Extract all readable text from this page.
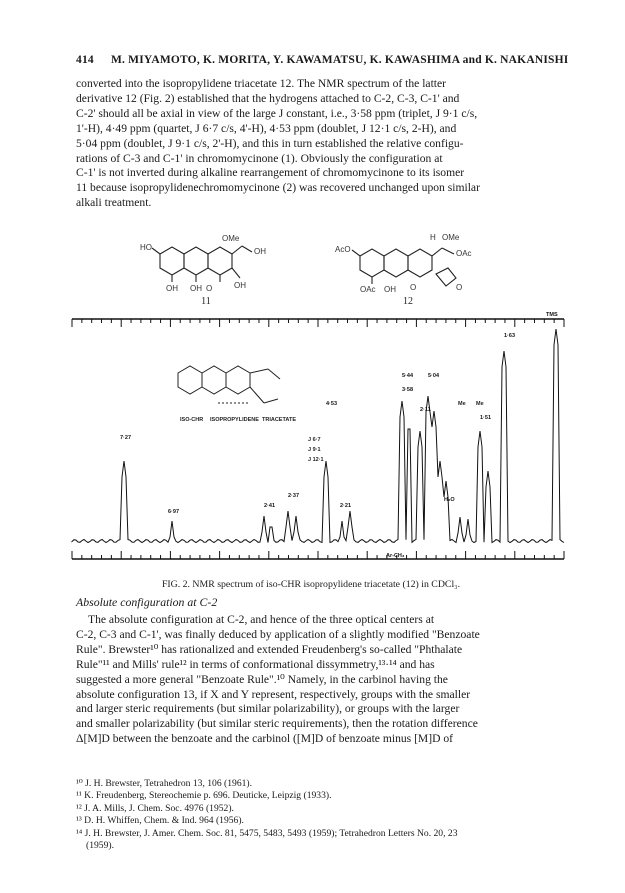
414 M. MIYAMOTO, K. MORITA, Y. KAWAMATSU, K. KAWASHIMA and K. NAKANISHI

converted into the isopropylidene triacetate 12. The NMR spectrum of the latter
derivative 12 (Fig. 2) established that the hydrogens attached to C-2, C-3, C-1' and
C-2' should all be axial in view of the large J constant, i.e., 3·58 ppm (triplet, J 9·1 c/s,
1'-H), 4·49 ppm (quartet, J 6·7 c/s, 4'-H), 4·53 ppm (doublet, J 12·1 c/s, 2-H), and
5·04 ppm (doublet, J 9·1 c/s, 2'-H), and this in turn established the relative configu-
rations of C-3 and C-1' in chromomycinone (1). Obviously the configuration at
C-1' is not inverted during alkaline rearrangement of chromomycinone to its isomer
11 because isopropylidenechromomycinone (2) was recovered unchanged upon similar
alkali treatment.

OMe
HO	OH
OH OH O	OH
11
H OMe
AcO	OAc
OAc OH O	O
12
ISO-CHR ISOPROPYLIDENE TRIACETATE
J 6·7
J 9·1
J 12·1
Me Me
1·63
5·44	5·04
4·53
3·58
2·41
2·37
2·21
2·11
1·51
6·97
7·27
H₂O
Ar-CH₃
TMS
FIG. 2. NMR spectrum of iso-CHR isopropylidene triacetate (12) in CDCl₃.
Absolute configuration at C-2

The absolute configuration at C-2, and hence of the three optical centers at
C-2, C-3 and C-1', was finally deduced by application of a slightly modified "Benzoate
Rule". Brewster¹⁰ has rationalized and extended Freudenberg's so-called "Phthalate
Rule"¹¹ and Mills' rule¹² in terms of conformational dissymmetry,¹³·¹⁴ and has
suggested a more general "Benzoate Rule".¹⁰ Namely, in the carbinol having the
absolute configuration 13, if X and Y represent, respectively, groups with the smaller
and larger steric requirements (but similar polarizability), or groups with the larger
and smaller polarizability (but similar steric requirements), then the rotation difference
Δ[M]D between the benzoate and the carbinol ([M]D of benzoate minus [M]D of

¹⁰ J. H. Brewster, Tetrahedron 13, 106 (1961).
¹¹ K. Freudenberg, Stereochemie p. 696. Deuticke, Leipzig (1933).
¹² J. A. Mills, J. Chem. Soc. 4976 (1952).
¹³ D. H. Whiffen, Chem. & Ind. 964 (1956).
¹⁴ J. H. Brewster, J. Amer. Chem. Soc. 81, 5475, 5483, 5493 (1959); Tetrahedron Letters No. 20, 23
(1959).
